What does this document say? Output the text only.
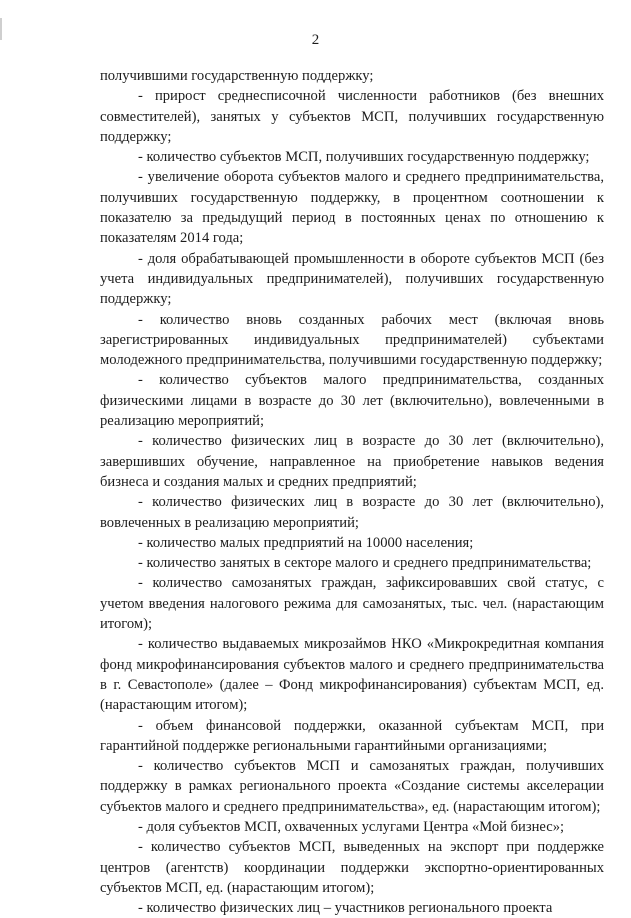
2

получившими государственную поддержку;

- прирост среднесписочной численности работников (без внешних совместителей), занятых у субъектов МСП, получивших государственную поддержку;

- количество субъектов МСП, получивших государственную поддержку;

- увеличение оборота субъектов малого и среднего предпринимательства, получивших государственную поддержку, в процентном соотношении к показателю за предыдущий период в постоянных ценах по отношению к показателям 2014 года;

- доля обрабатывающей промышленности в обороте субъектов МСП (без учета индивидуальных предпринимателей), получивших государственную поддержку;

- количество вновь созданных рабочих мест (включая вновь зарегистрированных индивидуальных предпринимателей) субъектами молодежного предпринимательства, получившими государственную поддержку;

- количество субъектов малого предпринимательства, созданных физическими лицами в возрасте до 30 лет (включительно), вовлеченными в реализацию мероприятий;

- количество физических лиц в возрасте до 30 лет (включительно), завершивших обучение, направленное на приобретение навыков ведения бизнеса и создания малых и средних предприятий;

- количество физических лиц в возрасте до 30 лет (включительно), вовлеченных в реализацию мероприятий;

- количество малых предприятий на 10000 населения;

- количество занятых в секторе малого и среднего предпринимательства;

- количество самозанятых граждан, зафиксировавших свой статус, с учетом введения налогового режима для самозанятых, тыс. чел. (нарастающим итогом);

- количество выдаваемых микрозаймов НКО «Микрокредитная компания фонд микрофинансирования субъектов малого и среднего предпринимательства в г. Севастополе» (далее – Фонд микрофинансирования) субъектам МСП, ед. (нарастающим итогом);

- объем финансовой поддержки, оказанной субъектам МСП, при гарантийной поддержке региональными гарантийными организациями;

- количество субъектов МСП и самозанятых граждан, получивших поддержку в рамках регионального проекта «Создание системы акселерации субъектов малого и среднего предпринимательства», ед. (нарастающим итогом);

- доля субъектов МСП, охваченных услугами Центра «Мой бизнес»;

- количество субъектов МСП, выведенных на экспорт при поддержке центров (агентств) координации поддержки экспортно-ориентированных субъектов МСП, ед. (нарастающим итогом);

- количество физических лиц – участников регионального проекта
